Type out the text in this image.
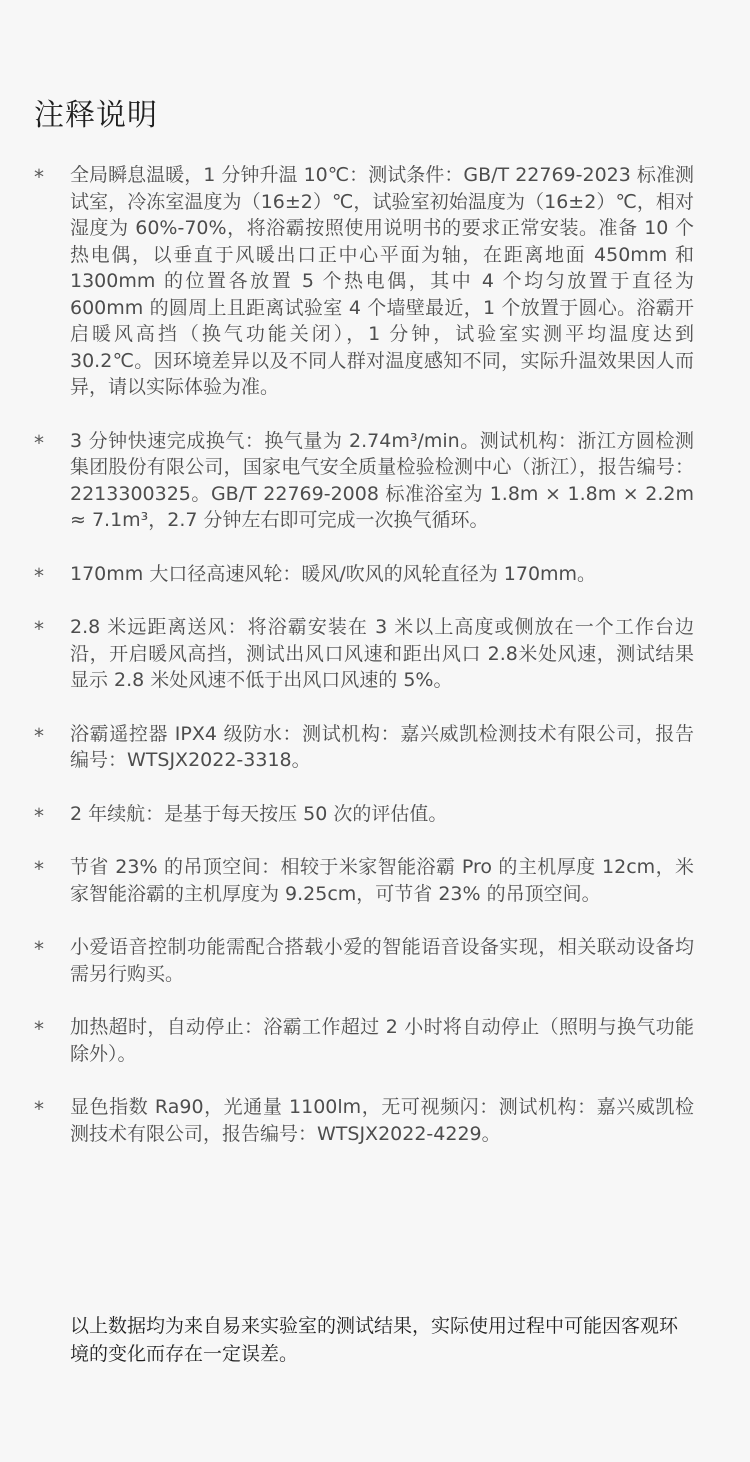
注释说明
* 全局瞬息温暖，1 分钟升温 10℃：测试条件：GB/T 22769-2023 标准测试室，冷冻室温度为（16±2）℃，试验室初始温度为（16±2）℃，相对湿度为 60%-70%，将浴霸按照使用说明书的要求正常安装。准备 10 个热电偶，以垂直于风暖出口正中心平面为轴，在距离地面 450mm 和 1300mm 的位置各放置 5 个热电偶，其中 4 个均匀放置于直径为 600mm 的圆周上且距离试验室 4 个墙壁最近，1 个放置于圆心。浴霸开启暖风高挡（换气功能关闭），1 分钟，试验室实测平均温度达到 30.2℃。因环境差异以及不同人群对温度感知不同，实际升温效果因人而异，请以实际体验为准。
* 3 分钟快速完成换气：换气量为 2.74m³/min。测试机构：浙江方圆检测集团股份有限公司，国家电气安全质量检验检测中心（浙江），报告编号：2213300325。GB/T 22769-2008 标准浴室为 1.8m × 1.8m × 2.2m ≈ 7.1m³，2.7 分钟左右即可完成一次换气循环。
* 170mm 大口径高速风轮：暖风/吹风的风轮直径为 170mm。
* 2.8 米远距离送风：将浴霸安装在 3 米以上高度或侧放在一个工作台边沿，开启暖风高挡，测试出风口风速和距出风口 2.8米处风速，测试结果显示 2.8 米处风速不低于出风口风速的 5%。
* 浴霸遥控器 IPX4 级防水：测试机构：嘉兴威凯检测技术有限公司，报告编号：WTSJX2022-3318。
* 2 年续航：是基于每天按压 50 次的评估值。
* 节省 23% 的吊顶空间：相较于米家智能浴霸 Pro 的主机厚度 12cm，米家智能浴霸的主机厚度为 9.25cm，可节省 23% 的吊顶空间。
* 小爱语音控制功能需配合搭载小爱的智能语音设备实现，相关联动设备均需另行购买。
* 加热超时，自动停止：浴霸工作超过 2 小时将自动停止（照明与换气功能除外）。
* 显色指数 Ra90，光通量 1100lm，无可视频闪：测试机构：嘉兴威凯检测技术有限公司，报告编号：WTSJX2022-4229。
以上数据均为来自易来实验室的测试结果，实际使用过程中可能因客观环境的变化而存在一定误差。
